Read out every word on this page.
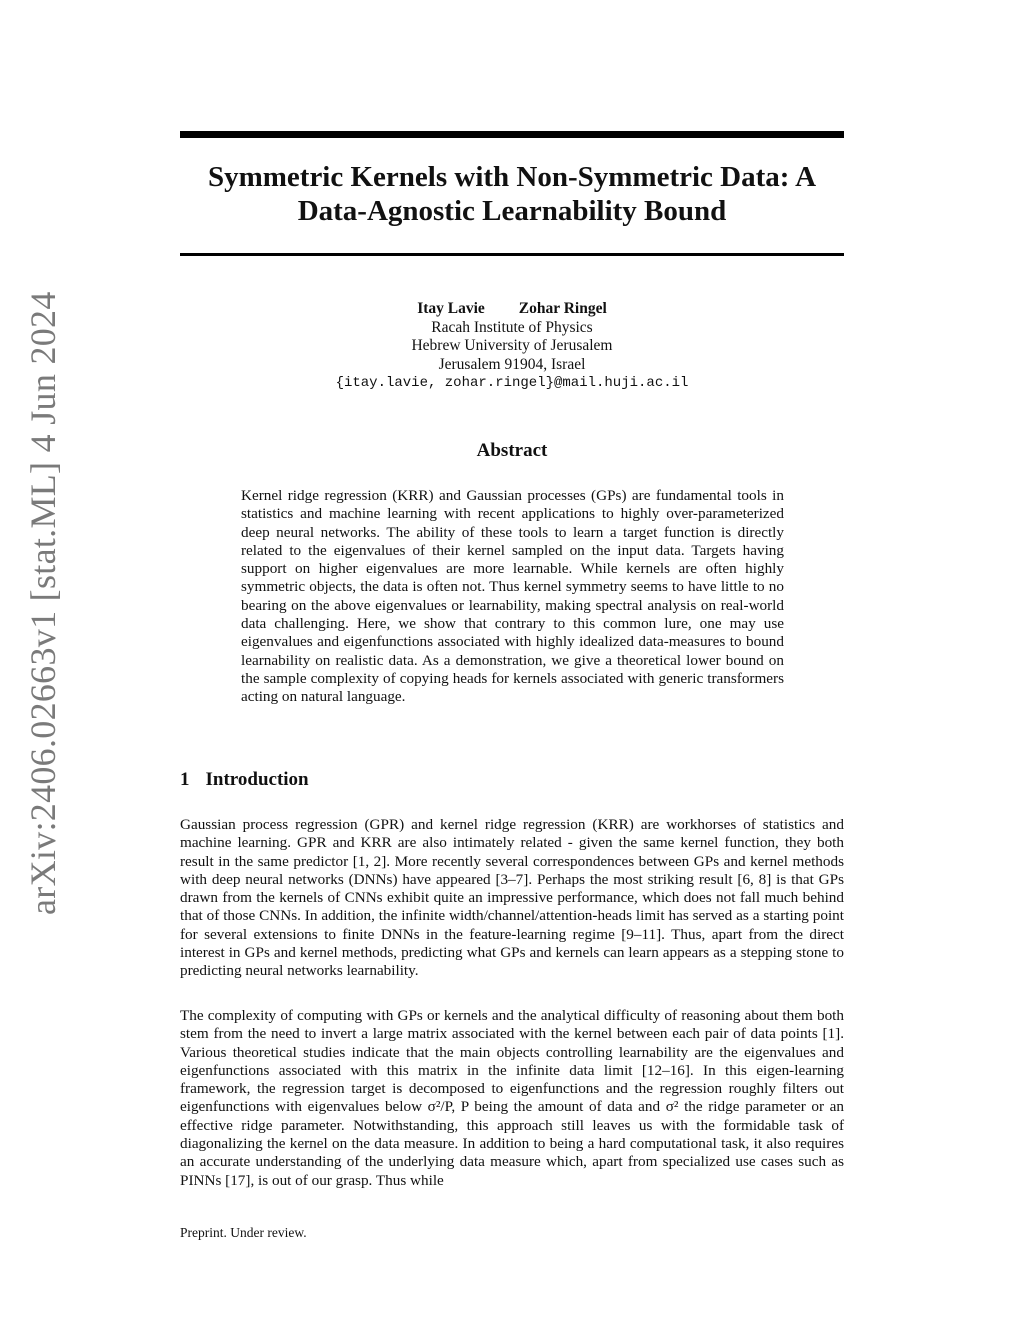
arXiv:2406.02663v1 [stat.ML] 4 Jun 2024
Symmetric Kernels with Non-Symmetric Data: A
Data-Agnostic Learnability Bound
Itay Lavie Zohar Ringel
Racah Institute of Physics
Hebrew University of Jerusalem
Jerusalem 91904, Israel
{itay.lavie, zohar.ringel}@mail.huji.ac.il
Abstract

Kernel ridge regression (KRR) and Gaussian processes (GPs) are fundamental tools in statistics and machine learning with recent applications to highly over-parameterized deep neural networks. The ability of these tools to learn a target function is directly related to the eigenvalues of their kernel sampled on the input data. Targets having support on higher eigenvalues are more learnable. While kernels are often highly symmetric objects, the data is often not. Thus kernel symmetry seems to have little to no bearing on the above eigenvalues or learnability, making spectral analysis on real-world data challenging. Here, we show that contrary to this common lure, one may use eigenvalues and eigenfunctions associated with highly idealized data-measures to bound learnability on realistic data. As a demonstration, we give a theoretical lower bound on the sample complexity of copying heads for kernels associated with generic transformers acting on natural language.

1 Introduction

Gaussian process regression (GPR) and kernel ridge regression (KRR) are workhorses of statistics and machine learning. GPR and KRR are also intimately related - given the same kernel function, they both result in the same predictor [1, 2]. More recently several correspondences between GPs and kernel methods with deep neural networks (DNNs) have appeared [3–7]. Perhaps the most striking result [6, 8] is that GPs drawn from the kernels of CNNs exhibit quite an impressive performance, which does not fall much behind that of those CNNs. In addition, the infinite width/channel/attention-heads limit has served as a starting point for several extensions to finite DNNs in the feature-learning regime [9–11]. Thus, apart from the direct interest in GPs and kernel methods, predicting what GPs and kernels can learn appears as a stepping stone to predicting neural networks learnability.

The complexity of computing with GPs or kernels and the analytical difficulty of reasoning about them both stem from the need to invert a large matrix associated with the kernel between each pair of data points [1]. Various theoretical studies indicate that the main objects controlling learnability are the eigenvalues and eigenfunctions associated with this matrix in the infinite data limit [12–16]. In this eigen-learning framework, the regression target is decomposed to eigenfunctions and the regression roughly filters out eigenfunctions with eigenvalues below σ²/P, P being the amount of data and σ² the ridge parameter or an effective ridge parameter. Notwithstanding, this approach still leaves us with the formidable task of diagonalizing the kernel on the data measure. In addition to being a hard computational task, it also requires an accurate understanding of the underlying data measure which, apart from specialized use cases such as PINNs [17], is out of our grasp. Thus while

Preprint. Under review.
